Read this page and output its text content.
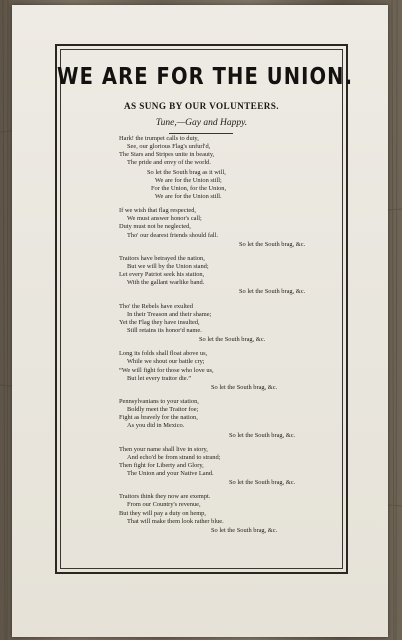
WE ARE FOR THE UNION.
AS SUNG BY OUR VOLUNTEERS.
Tune,—Gay and Happy.
Hark! the trumpet calls to duty,
See, our glorious Flag's unfurl'd,
The Stars and Stripes unite in beauty,
The pride and envy of the world.
So let the South brag as it will,
We are for the Union still;
For the Union, for the Union,
We are for the Union still.
If we wish that flag respected,
We must answer honor's call;
Duty must not be neglected,
Tho' our dearest friends should fall.
So let the South brag, &c.
Traitors have betrayed the nation,
But we will by the Union stand;
Let every Patriot seek his station,
With the gallant warlike band.
So let the South brag, &c.
Tho' the Rebels have exulted
In their Treason and their shame;
Yet the Flag they have insulted,
Still retains its honor'd name.
So let the South brag, &c.
Long its folds shall float above us,
While we shout our battle cry;
“We will fight for those who love us,
But let every traitor die.”
So let the South brag, &c.
Pennsylvanians to your station,
Boldly meet the Traitor foe;
Fight as bravely for the nation,
As you did in Mexico.
So let the South brag, &c.
Then your name shall live in story,
And echo'd be from strand to strand;
Then fight for Liberty and Glory,
The Union and your Native Land.
So let the South brag, &c.
Traitors think they now are exempt.
From our Country's revenue,
But they will pay a duty on hemp,
That will make them look rather blue.
So let the South brag, &c.
